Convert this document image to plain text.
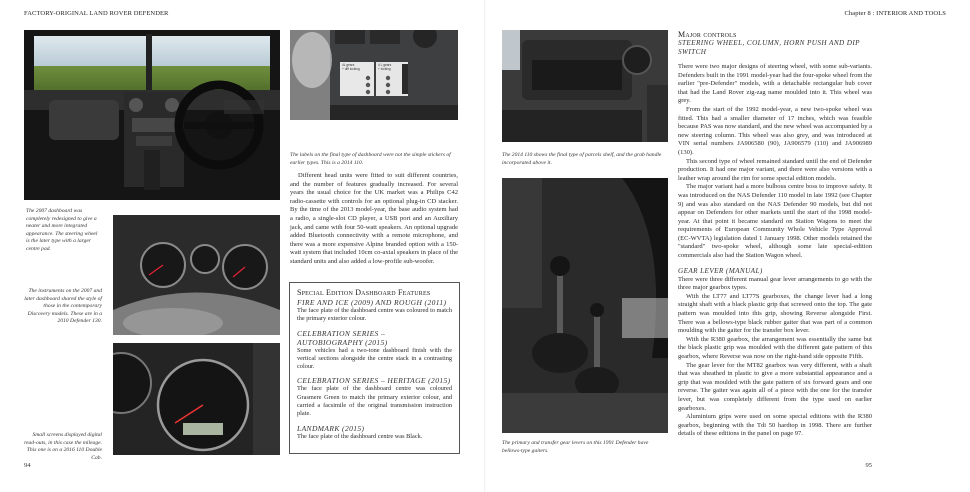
FACTORY-ORIGINAL LAND ROVER DEFENDER	Chapter 8 : INTERIOR AND TOOLS
4L gears
+ diff locking
4 L gears
+ locking
The labels on the final type of dashboard were not the simple stickers of earlier types. This is a 2014 110.
The 2007 dashboard was completely redesigned to give a neater and more integrated appearance. The steering wheel is the later type with a larger centre pad.
The instruments on the 2007 and later dashboard shared the style of those in the contemporary Discovery models. These are in a 2010 Defender 130.
Small screens displayed digital read-outs, in this case the mileage. This one is on a 2016 110 Double Cab.

Different head units were fitted to suit different countries, and the number of features gradually increased. For several years the usual choice for the UK market was a Philips C42 radio-cassette with controls for an optional plug-in CD stacker. By the time of the 2013 model-year, the base audio system had a radio, a single-slot CD player, a USB port and an Auxiliary jack, and came with four 50-watt speakers. An optional upgrade added Bluetooth connectivity with a remote microphone, and there was a more expensive Alpine branded option with a 150-watt system that included 10cm co-axial speakers in place of the standard units and also added a low-profile sub-woofer.

Special Edition Dashboard Features
FIRE AND ICE (2009) AND ROUGH (2011)

The face plate of the dashboard centre was coloured to match the primary exterior colour.

CELEBRATION SERIES – AUTOBIOGRAPHY (2015)

Some vehicles had a two-tone dashboard finish with the vertical sections alongside the centre stack in a contrasting colour.

CELEBRATION SERIES – HERITAGE (2015)

The face plate of the dashboard centre was coloured Grasmere Green to match the primary exterior colour, and carried a facsimile of the original transmission instruction plate.

LANDMARK (2015)

The face plate of the dashboard centre was Black.

94
The 2014 110 shows the final type of parcels shelf, and the grab handle incorporated above it.
The primary and transfer gear levers on this 1991 Defender have bellows-type gaiters.
Major controls
STEERING WHEEL, COLUMN, HORN PUSH AND DIP SWITCH

There were two major designs of steering wheel, with some sub-variants. Defenders built in the 1991 model-year had the four-spoke wheel from the earlier "pre-Defender" models, with a detachable rectangular hub cover that had the Land Rover zig-zag name moulded into it. This wheel was grey.

From the start of the 1992 model-year, a new two-spoke wheel was fitted. This had a smaller diameter of 17 inches, which was feasible because PAS was now standard, and the new wheel was accompanied by a new steering column. This wheel was also grey, and was introduced at VIN serial numbers JA906580 (90), JA906579 (110) and JA906989 (130).

This second type of wheel remained standard until the end of Defender production. It had one major variant, and there were also versions with a leather wrap around the rim for some special edition models.

The major variant had a more bulbous centre boss to improve safety. It was introduced on the NAS Defender 110 model in late 1992 (see Chapter 9) and was also standard on the NAS Defender 90 models, but did not appear on Defenders for other markets until the start of the 1998 model-year. At that point it became standard on Station Wagons to meet the requirements of European Community Whole Vehicle Type Approval (EC-WVTA) legislation dated 1 January 1998. Other models retained the "standard" two-spoke wheel, although some late special-edition commercials also had the Station Wagon wheel.

GEAR LEVER (MANUAL)

There were three different manual gear lever arrangements to go with the three major gearbox types.

With the LT77 and LT77S gearboxes, the change lever had a long straight shaft with a black plastic grip that screwed onto the top. The gate pattern was moulded into this grip, showing Reverse alongside First. There was a bellows-type black rubber gaiter that was part of a common moulding with the gaiter for the transfer box lever.

With the R380 gearbox, the arrangement was essentially the same but the black plastic grip was moulded with the different gate pattern of this gearbox, where Reverse was now on the right-hand side opposite Fifth.

The gear lever for the MT82 gearbox was very different, with a shaft that was sheathed in plastic to give a more substantial appearance and a grip that was moulded with the gate pattern of six forward gears and one reverse. The gaiter was again all of a piece with the one for the transfer lever, but was completely different from the type used on earlier gearboxes.

Aluminium grips were used on some special editions with the R380 gearbox, beginning with the Tdi 50 hardtop in 1998. There are further details of these editions in the panel on page 97.

95
